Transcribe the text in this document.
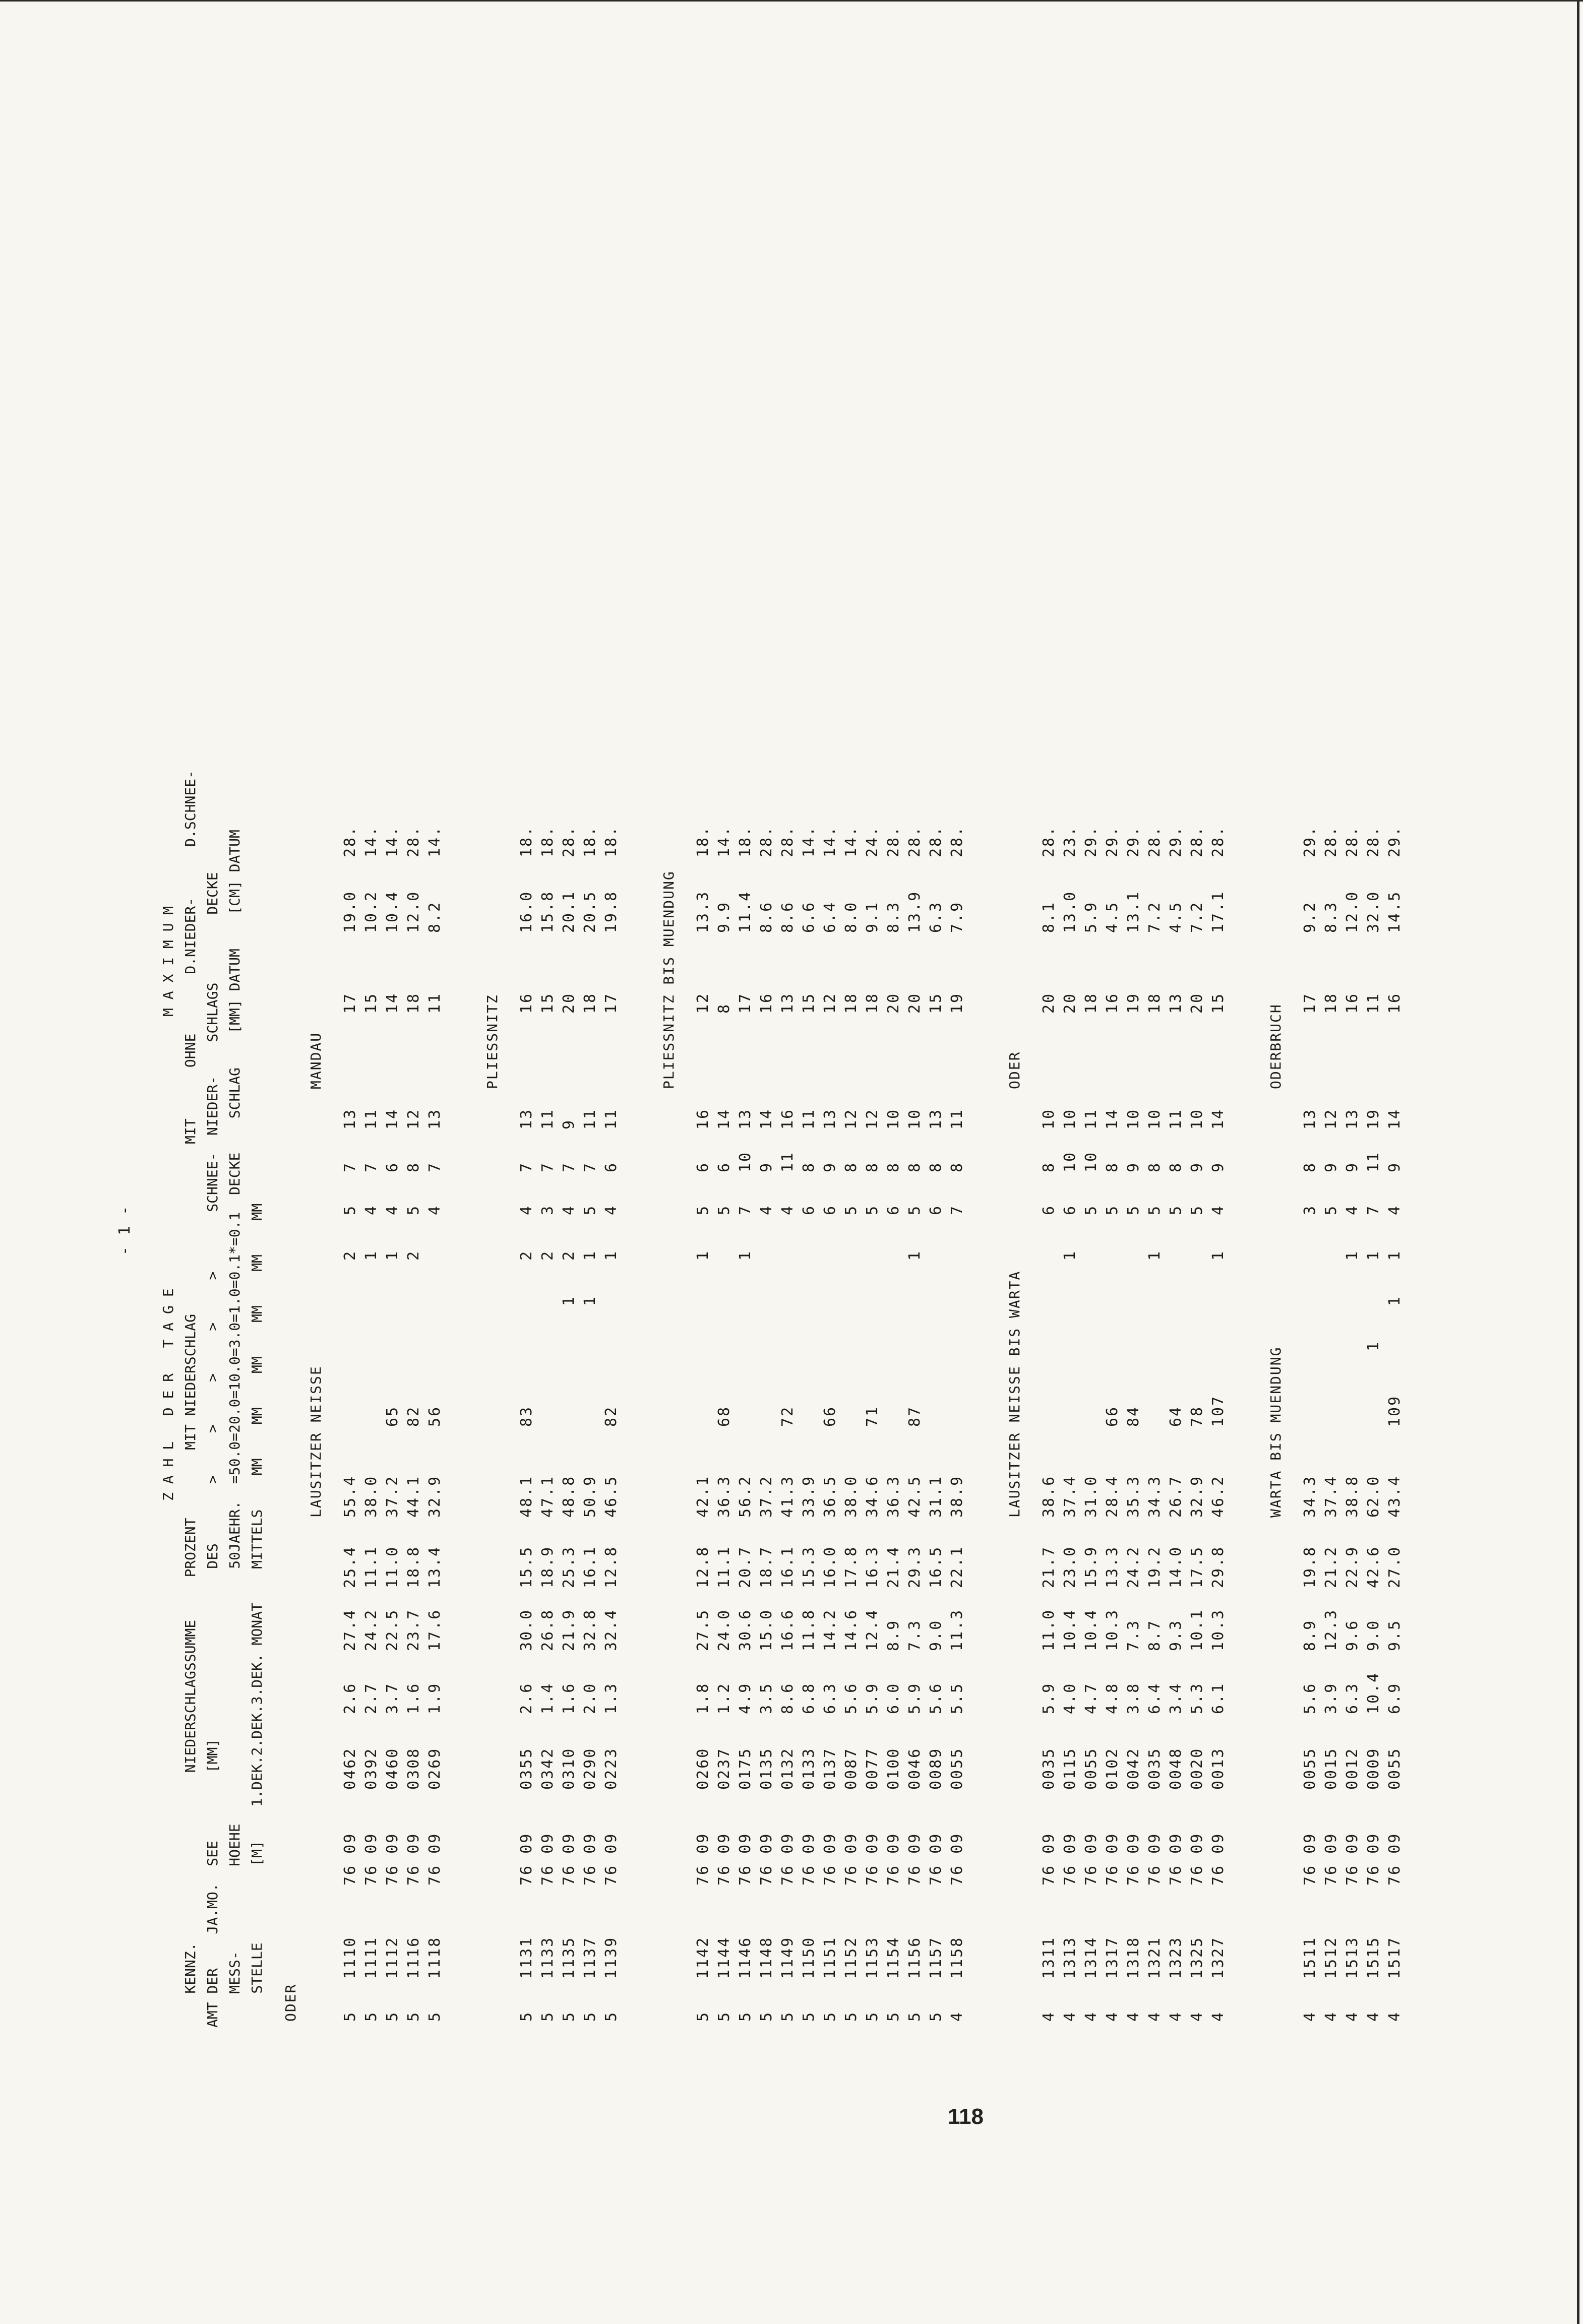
- 1 - Z A H L   D E R   T A G E                                M A X I M U M KENNZ.                    NIEDERSCHLAGSSUMME     PROZENT        MIT NIEDERSCHLAG                    MIT      OHNE       D.NIEDER-      D.SCHNEE- AMT DER    JA.MO.  SEE        [MM]                    DES       >     >     >     >     >       SCHNEE-  NIEDER-    SCHLAGS        DECKE MESS-          HOEHE                              50JAEHR.  =50.0=20.0=10.0=3.0=1.0=0.1*=0.1  DECKE    SCHLAG    [MM] DATUM    [CM] DATUM STELLE         [M]    1.DEK.2.DEK.3.DEK. MONAT    MITTELS    MM    MM    MM    MM    MM    MM ODER
LAUSITZER NEISSE
MANDAU
5
1110
76 09
0462
2.6
27.4
25.4
55.4
2
5
7
13
17
19.0
28.
5
1111
76 09
0392
2.7
24.2
11.1
38.0
1
4
7
11
15
10.2
14.
5
1112
76 09
0460
3.7
22.5
11.0
37.2
65
1
4
6
14
14
10.4
14.
5
1116
76 09
0308
1.6
23.7
18.8
44.1
82
2
5
8
12
18
12.0
28.
5
1118
76 09
0269
1.9
17.6
13.4
32.9
56
4
7
13
11
8.2
14.
PLIESSNITZ
5
1131
76 09
0355
2.6
30.0
15.5
48.1
83
2
4
7
13
16
16.0
18.
5
1133
76 09
0342
1.4
26.8
18.9
47.1
2
3
7
11
15
15.8
18.
5
1135
76 09
0310
1.6
21.9
25.3
48.8
1
2
4
7
9
20
20.1
28.
5
1137
76 09
0290
2.0
32.8
16.1
50.9
1
1
5
7
11
18
20.5
18.
5
1139
76 09
0223
1.3
32.4
12.8
46.5
82
1
4
6
11
17
19.8
18.
PLIESSNITZ BIS MUENDUNG
5
1142
76 09
0260
1.8
27.5
12.8
42.1
1
5
6
16
12
13.3
18.
5
1144
76 09
0237
1.2
24.0
11.1
36.3
68
5
6
14
8
9.9
14.
5
1146
76 09
0175
4.9
30.6
20.7
56.2
1
7
10
13
17
11.4
18.
5
1148
76 09
0135
3.5
15.0
18.7
37.2
4
9
14
16
8.6
28.
5
1149
76 09
0132
8.6
16.6
16.1
41.3
72
4
11
16
13
8.6
28.
5
1150
76 09
0133
6.8
11.8
15.3
33.9
6
8
11
15
6.6
14.
5
1151
76 09
0137
6.3
14.2
16.0
36.5
66
6
9
13
12
6.4
14.
5
1152
76 09
0087
5.6
14.6
17.8
38.0
5
8
12
18
8.0
14.
5
1153
76 09
0077
5.9
12.4
16.3
34.6
71
5
8
12
18
9.1
24.
5
1154
76 09
0100
6.0
8.9
21.4
36.3
6
8
10
20
8.3
28.
5
1156
76 09
0046
5.9
7.3
29.3
42.5
87
1
5
8
10
20
13.9
28.
5
1157
76 09
0089
5.6
9.0
16.5
31.1
6
8
13
15
6.3
28.
4
1158
76 09
0055
5.5
11.3
22.1
38.9
7
8
11
19
7.9
28.
LAUSITZER NEISSE BIS WARTA
ODER
4
1311
76 09
0035
5.9
11.0
21.7
38.6
6
8
10
20
8.1
28.
4
1313
76 09
0115
4.0
10.4
23.0
37.4
1
6
10
10
20
13.0
23.
4
1314
76 09
0055
4.7
10.4
15.9
31.0
5
10
11
18
5.9
29.
4
1317
76 09
0102
4.8
10.3
13.3
28.4
66
5
8
14
16
4.5
29.
4
1318
76 09
0042
3.8
7.3
24.2
35.3
84
5
9
10
19
13.1
29.
4
1321
76 09
0035
6.4
8.7
19.2
34.3
1
5
8
10
18
7.2
28.
4
1323
76 09
0048
3.4
9.3
14.0
26.7
64
5
8
11
13
4.5
29.
4
1325
76 09
0020
5.3
10.1
17.5
32.9
78
5
9
10
20
7.2
28.
4
1327
76 09
0013
6.1
10.3
29.8
46.2
107
1
4
9
14
15
17.1
28.
WARTA BIS MUENDUNG
ODERBRUCH
4
1511
76 09
0055
5.6
8.9
19.8
34.3
3
8
13
17
9.2
29.
4
1512
76 09
0015
3.9
12.3
21.2
37.4
5
9
12
18
8.3
28.
4
1513
76 09
0012
6.3
9.6
22.9
38.8
1
4
9
13
16
12.0
28.
4
1515
76 09
0009
10.4
9.0
42.6
62.0
1
1
7
11
19
11
32.0
28.
4
1517
76 09
0055
6.9
9.5
27.0
43.4
109
1
1
4
9
14
16
14.5
29.
118
